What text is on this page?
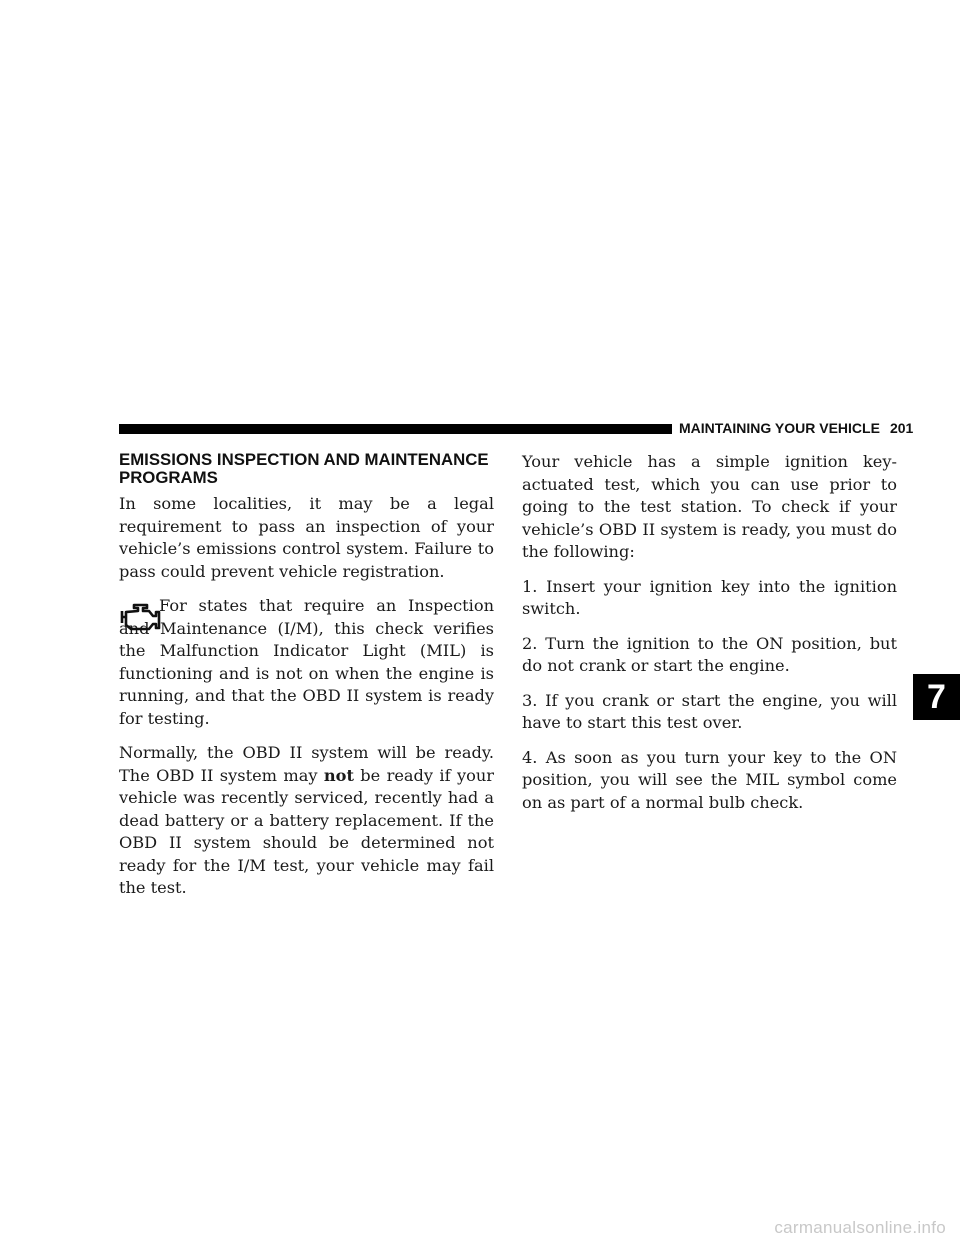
MAINTAINING YOUR VEHICLE 201
EMISSIONS INSPECTION AND MAINTENANCE PROGRAMS

In some localities, it may be a legal requirement to pass an inspection of your vehicle’s emissions control system. Failure to pass could prevent vehicle registration.

For states that require an Inspection and Maintenance (I/M), this check verifies the Malfunction Indicator Light (MIL) is functioning and is not on when the engine is running, and that the OBD II system is ready for testing.

Normally, the OBD II system will be ready. The OBD II system may not be ready if your vehicle was recently serviced, recently had a dead battery or a battery replacement. If the OBD II system should be determined not ready for the I/M test, your vehicle may fail the test.

Your vehicle has a simple ignition key-actuated test, which you can use prior to going to the test station. To check if your vehicle’s OBD II system is ready, you must do the following:

1. Insert your ignition key into the ignition switch.

2. Turn the ignition to the ON position, but do not crank or start the engine.

3. If you crank or start the engine, you will have to start this test over.

4. As soon as you turn your key to the ON position, you will see the MIL symbol come on as part of a normal bulb check.

7
carmanualsonline.info
